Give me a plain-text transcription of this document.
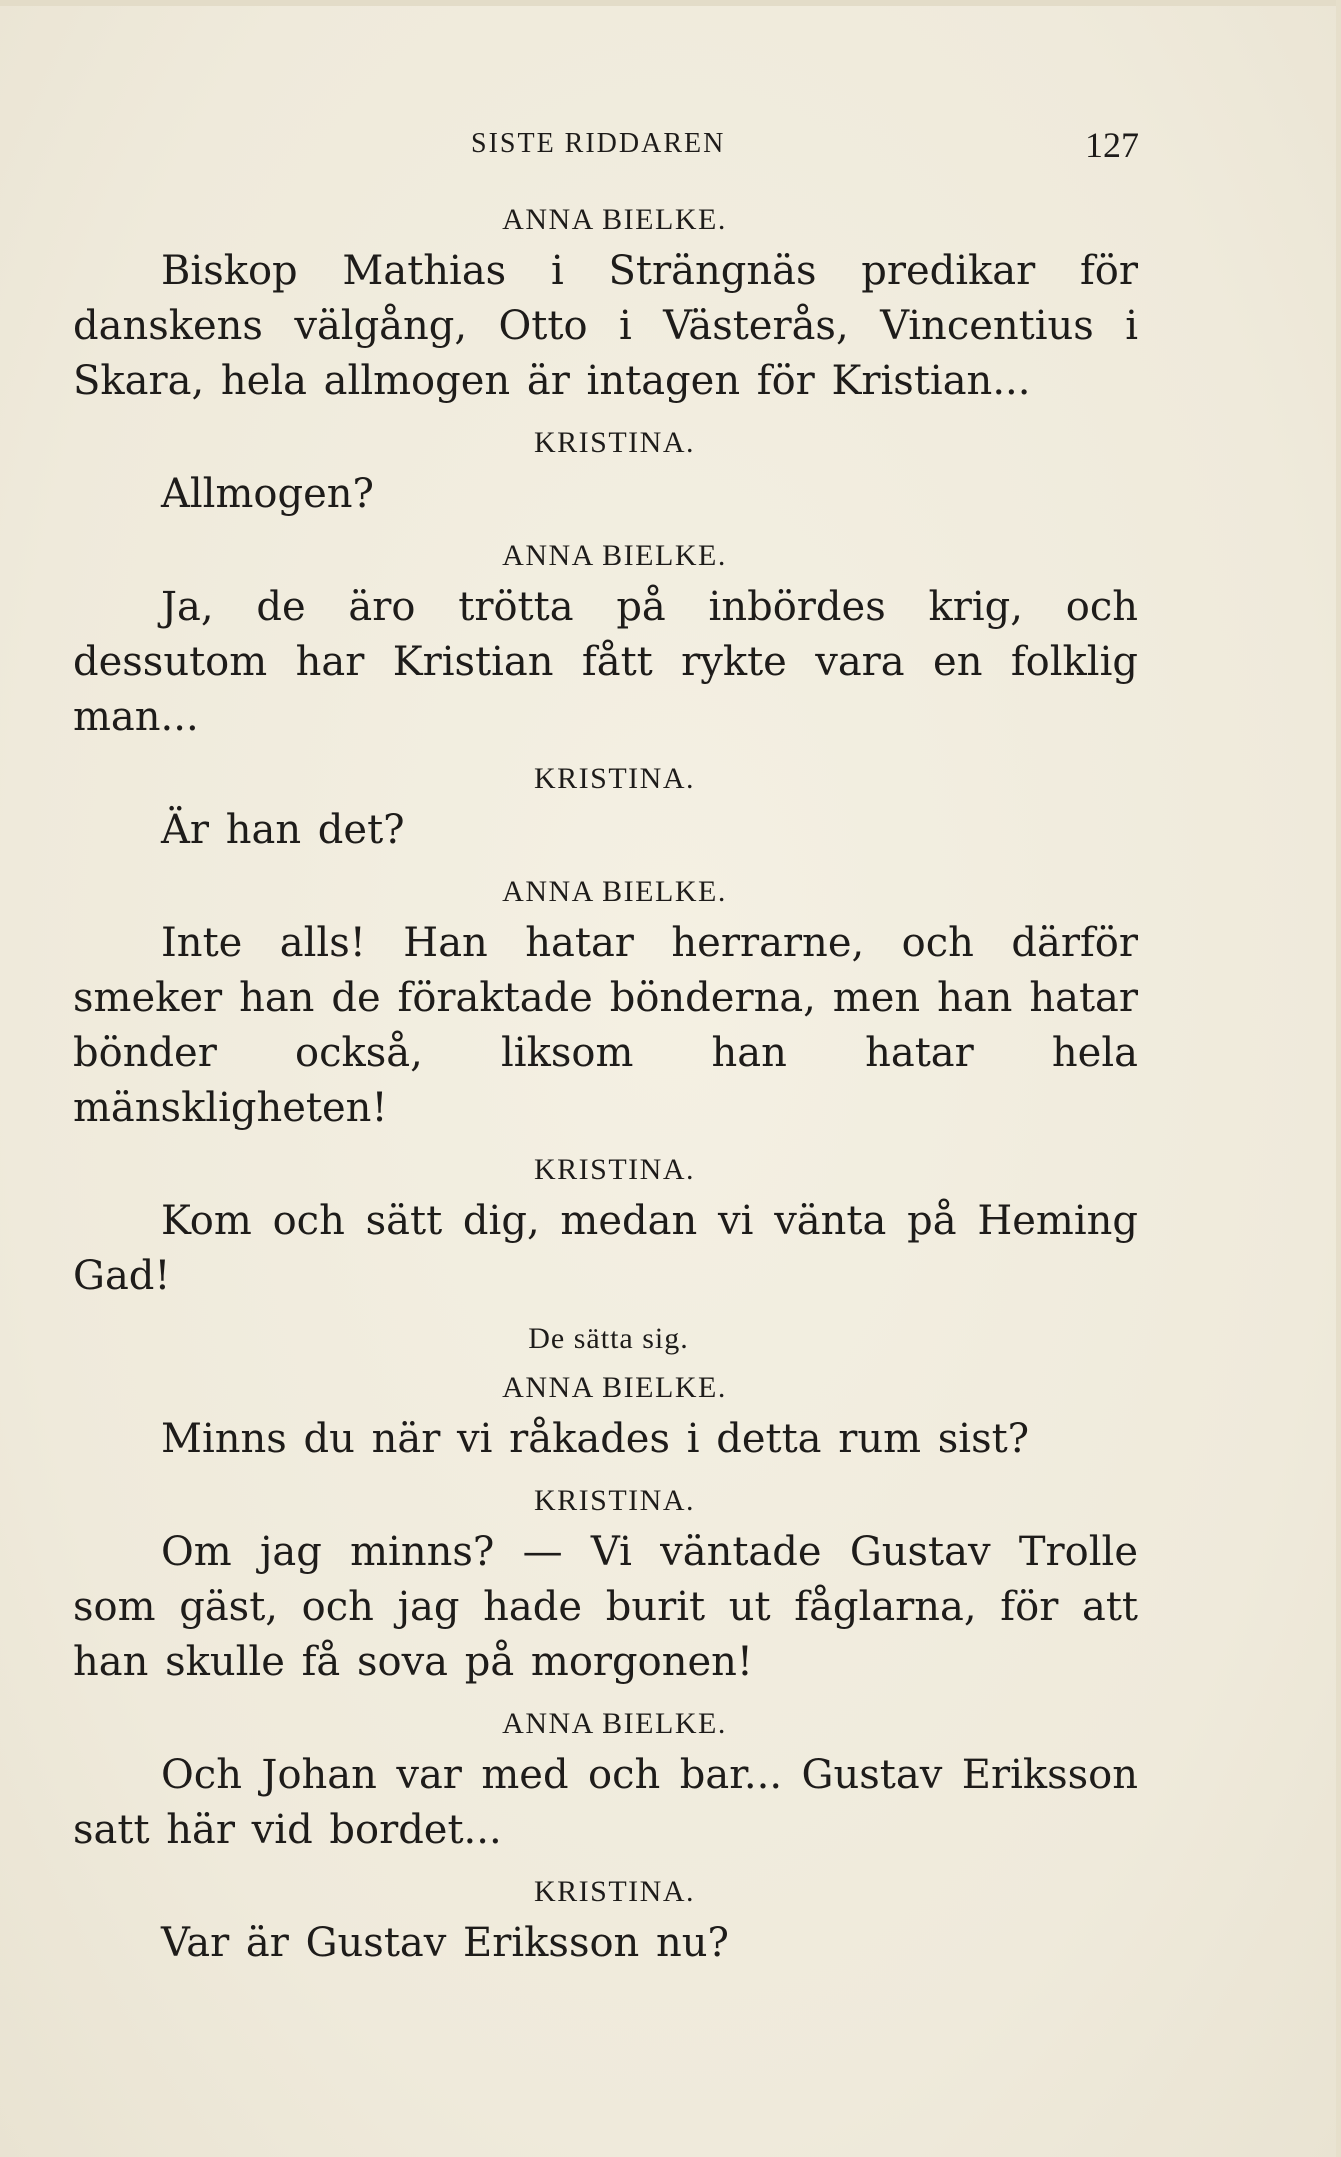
SISTE RIDDAREN	127
ANNA BIELKE.

Biskop Mathias i Strängnäs predikar för danskens välgång, Otto i Västerås, Vincentius i Skara, hela allmogen är intagen för Kristian...

KRISTINA.

Allmogen?

ANNA BIELKE.

Ja, de äro trötta på inbördes krig, och dessutom har Kristian fått rykte vara en folklig man...

KRISTINA.

Är han det?

ANNA BIELKE.

Inte alls! Han hatar herrarne, och därför smeker han de föraktade bönderna, men han hatar bönder också, liksom han hatar hela mänskligheten!

KRISTINA.

Kom och sätt dig, medan vi vänta på Heming Gad!

De sätta sig.
ANNA BIELKE.

Minns du när vi råkades i detta rum sist?

KRISTINA.

Om jag minns? — Vi väntade Gustav Trolle som gäst, och jag hade burit ut fåglarna, för att han skulle få sova på morgonen!

ANNA BIELKE.

Och Johan var med och bar... Gustav Eriksson satt här vid bordet...

KRISTINA.

Var är Gustav Eriksson nu?
